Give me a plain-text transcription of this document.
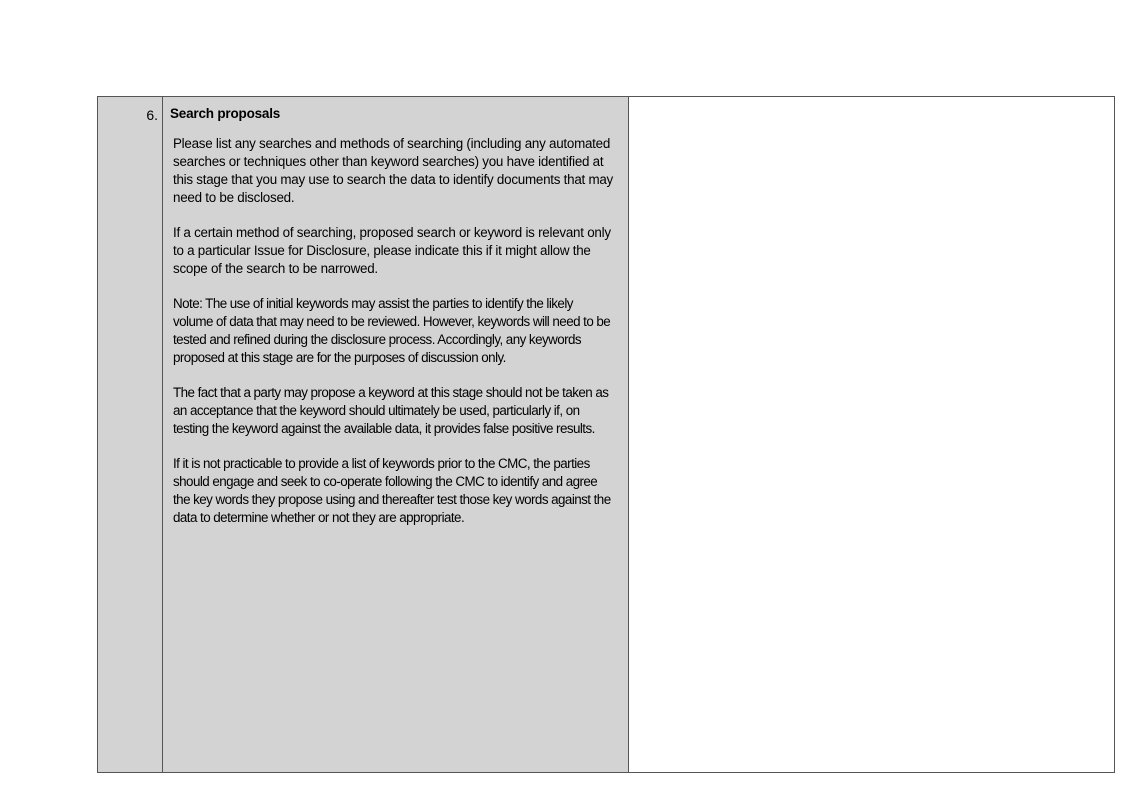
6. Search proposals

Please list any searches and methods of searching (including any automated searches or techniques other than keyword searches) you have identified at this stage that you may use to search the data to identify documents that may need to be disclosed.

If a certain method of searching, proposed search or keyword is relevant only to a particular Issue for Disclosure, please indicate this if it might allow the scope of the search to be narrowed.

Note: The use of initial keywords may assist the parties to identify the likely volume of data that may need to be reviewed. However, keywords will need to be tested and refined during the disclosure process. Accordingly, any keywords proposed at this stage are for the purposes of discussion only.

The fact that a party may propose a keyword at this stage should not be taken as an acceptance that the keyword should ultimately be used, particularly if, on testing the keyword against the available data, it provides false positive results.

If it is not practicable to provide a list of keywords prior to the CMC, the parties should engage and seek to co-operate following the CMC to identify and agree the key words they propose using and thereafter test those key words against the data to determine whether or not they are appropriate.
